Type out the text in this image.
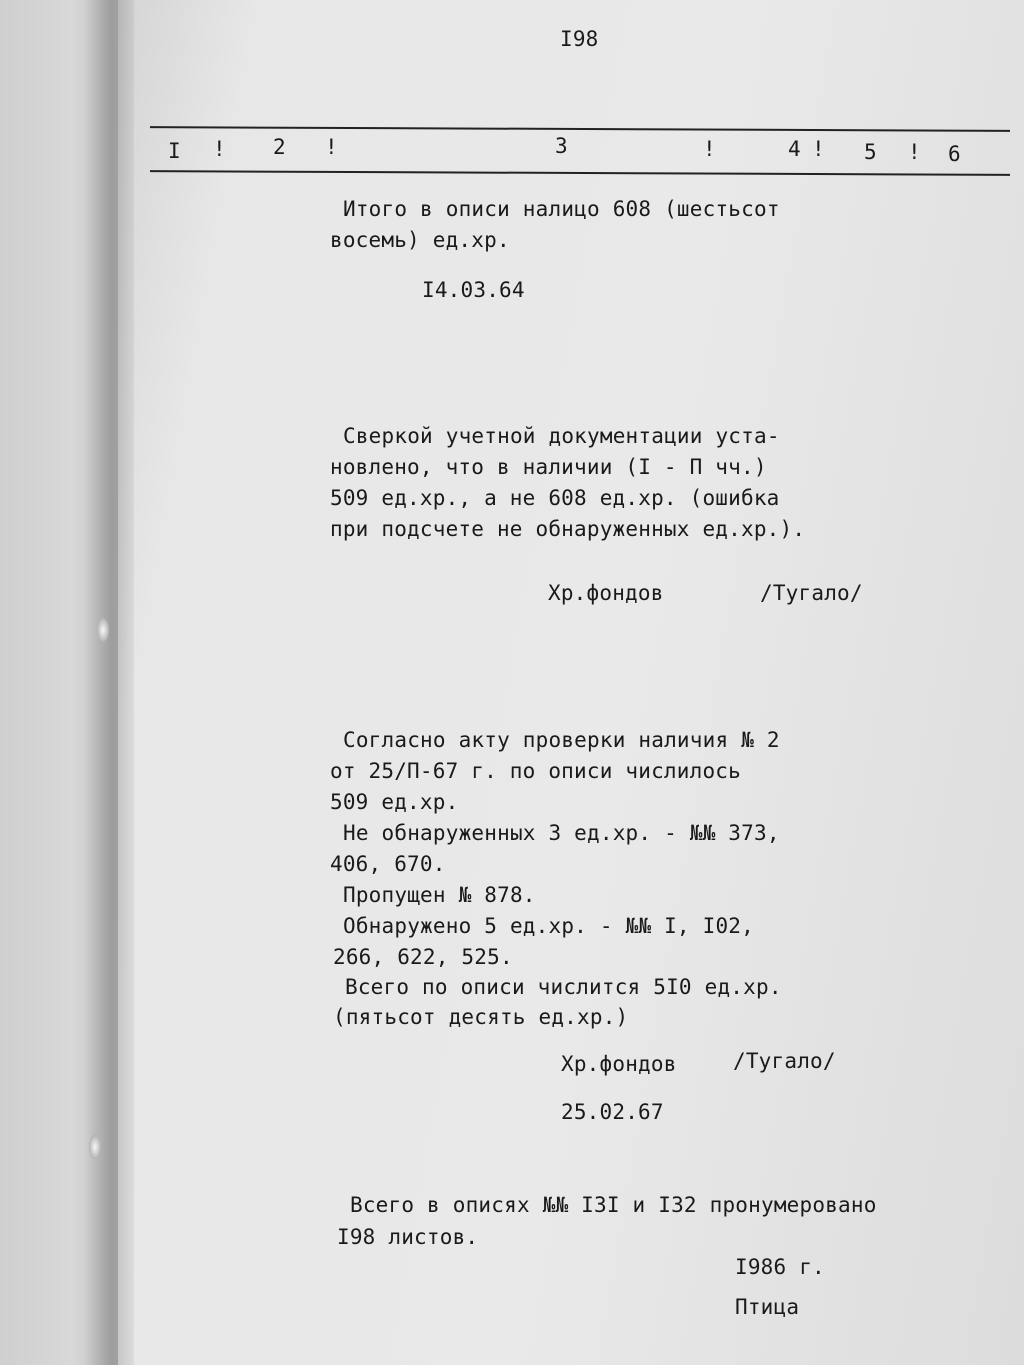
I98
I ! 2 !	3	!	4 ! 5 ! 6
Итого в описи налицо 608 (шестьсот
восемь) ед.хр.
I4.03.64
Сверкой учетной документации уста-
новлено, что в наличии (I - П чч.)
509 ед.хр., а не 608 ед.хр. (ошибка
при подсчете не обнаруженных ед.хр.).
Хр.фондов	/Тугало/
Согласно акту проверки наличия № 2
от 25/П-67 г. по описи числилось
509 ед.хр.
Не обнаруженных 3 ед.хр. - №№ 373,
406, 670.
Пропущен № 878.
Обнаружено 5 ед.хр. - №№ I, I02,
266, 622, 525.
Всего по описи числится 5I0 ед.хр.
(пятьсот десять ед.хр.)
Хр.фондов	/Тугало/
25.02.67
Всего в описях №№ I3I и I32 пронумеровано
I98 листов.
I986 г.
Птица
